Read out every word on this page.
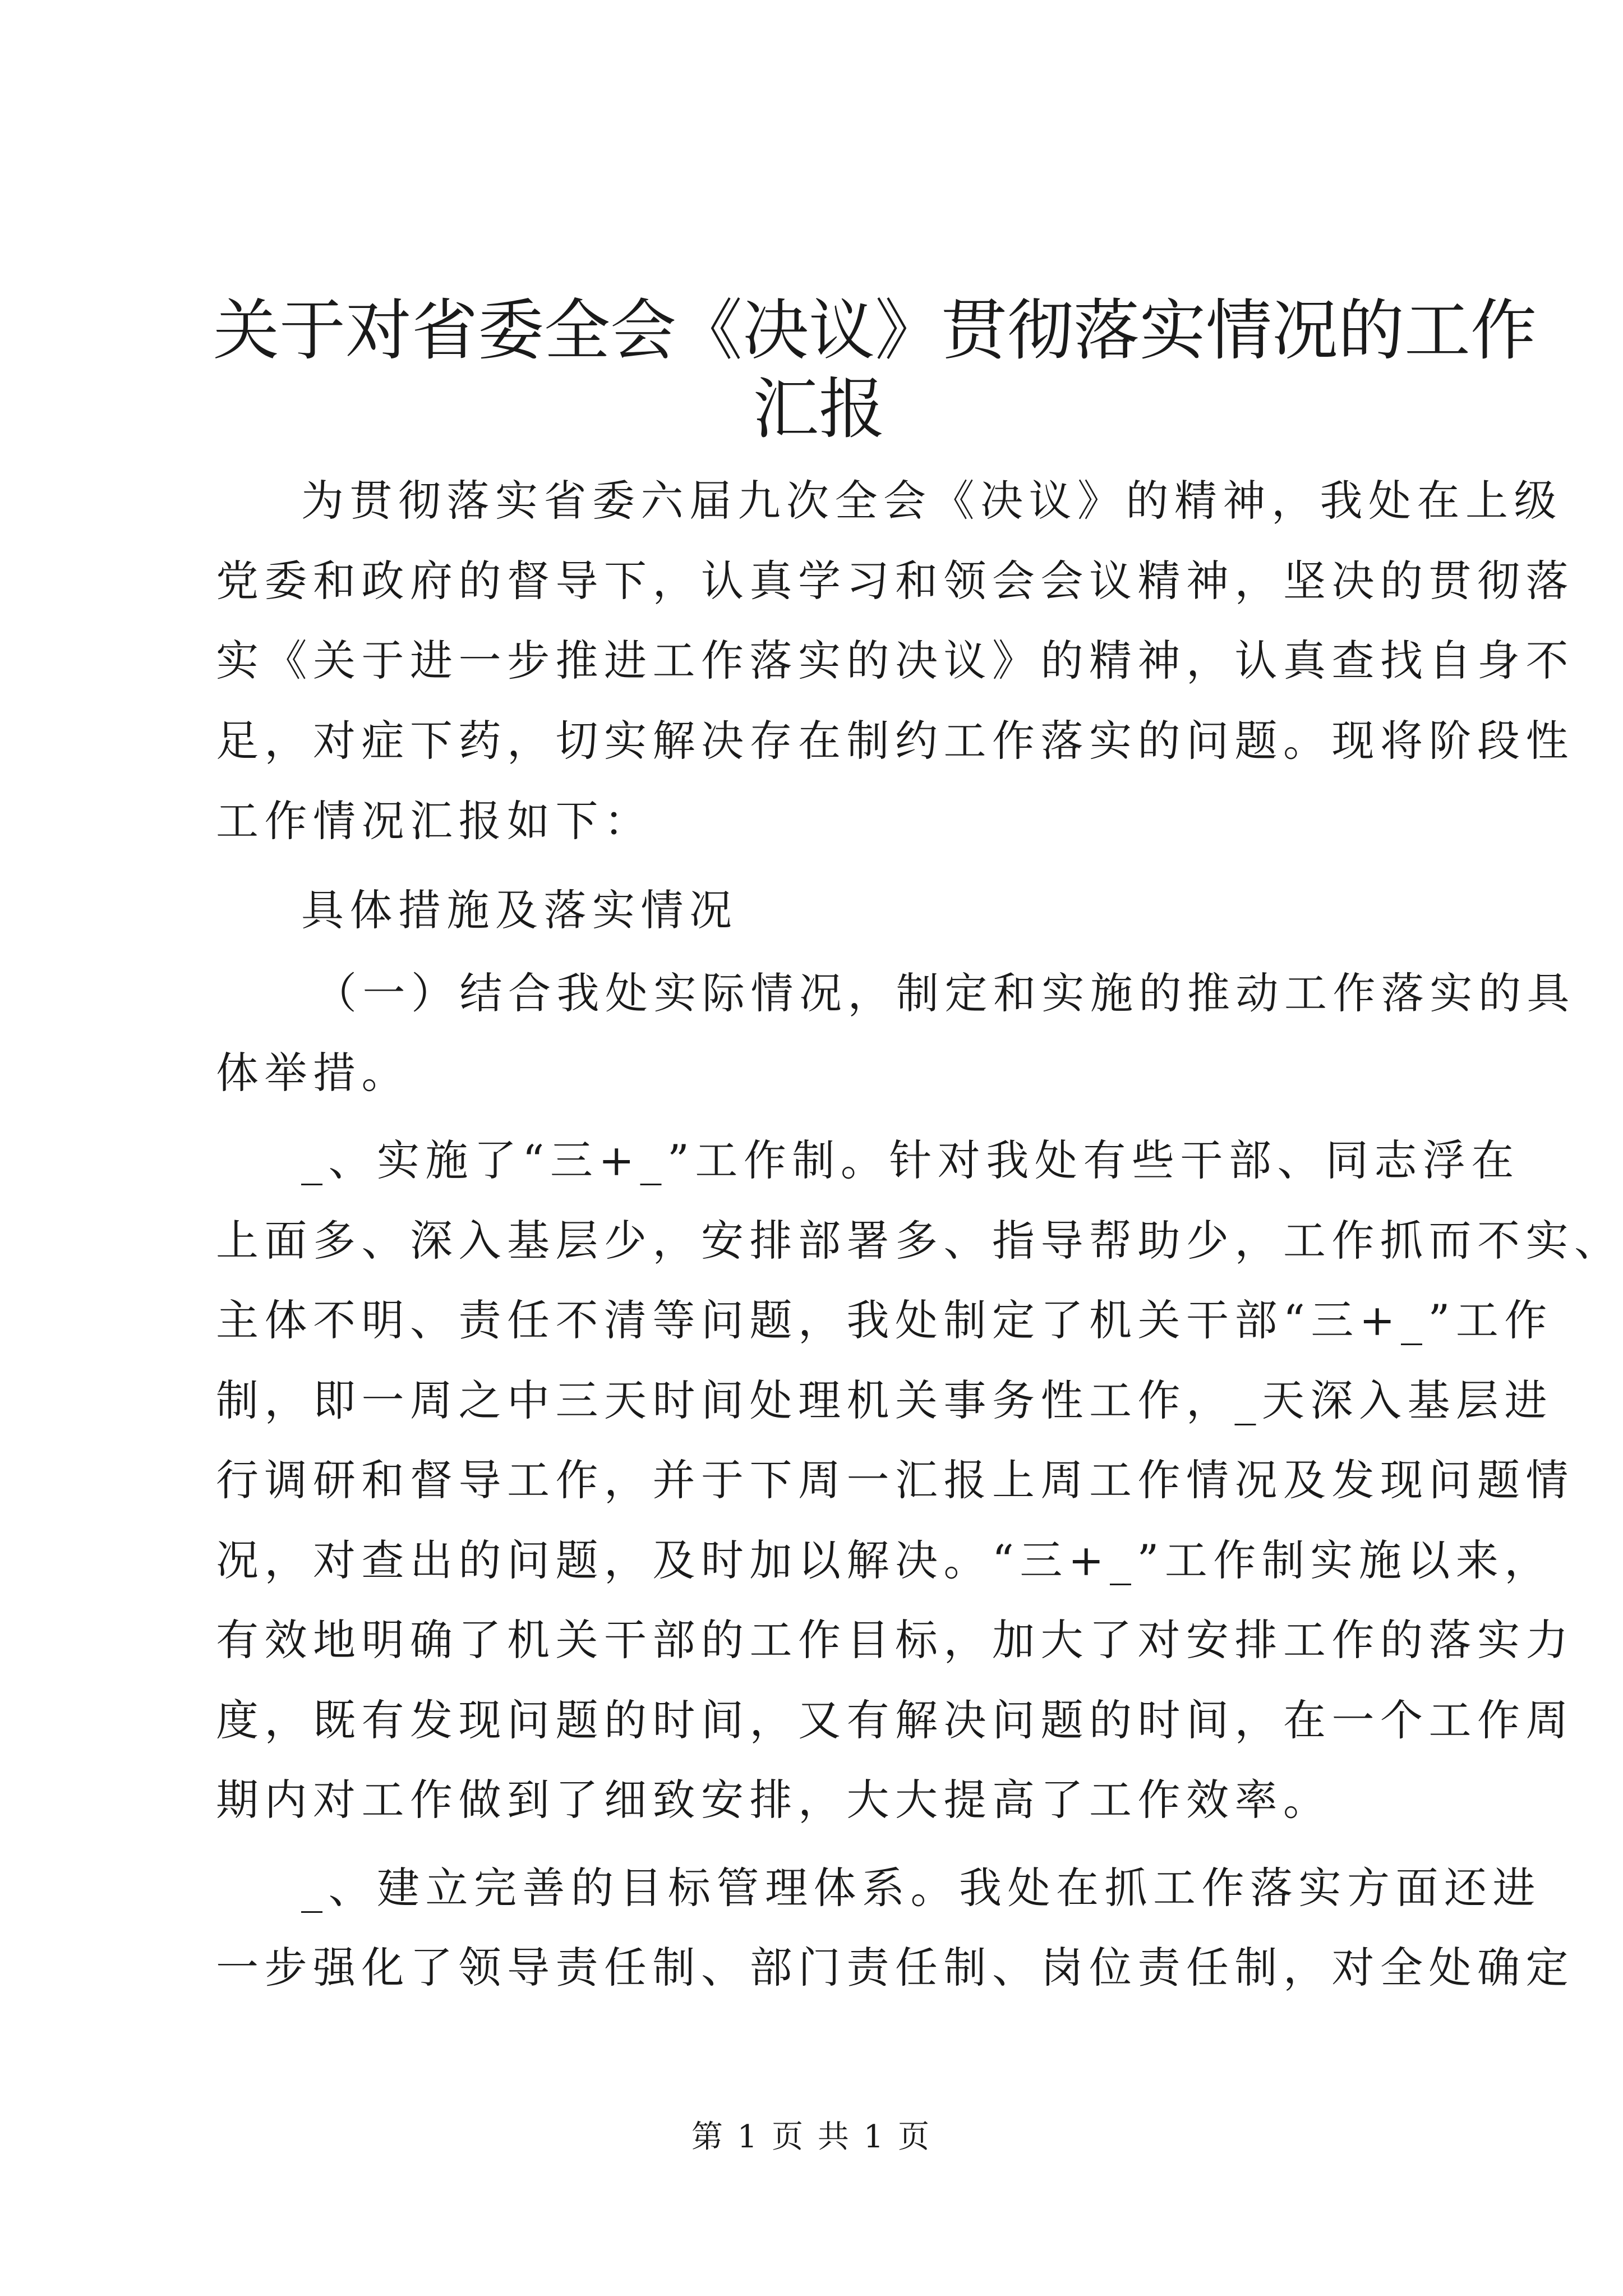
关于对省委全会《决议》贯彻落实情况的工作
汇报

为贯彻落实省委六届九次全会《决议》的精神，我处在上级

党委和政府的督导下，认真学习和领会会议精神，坚决的贯彻落

实《关于进一步推进工作落实的决议》的精神，认真查找自身不

足，对症下药，切实解决存在制约工作落实的问题。现将阶段性

工作情况汇报如下：

具体措施及落实情况

（一）结合我处实际情况，制定和实施的推动工作落实的具

体举措。

_、实施了“三+_”工作制。针对我处有些干部、同志浮在

上面多、深入基层少，安排部署多、指导帮助少，工作抓而不实、

主体不明、责任不清等问题，我处制定了机关干部“三+_”工作

制，即一周之中三天时间处理机关事务性工作，_天深入基层进

行调研和督导工作，并于下周一汇报上周工作情况及发现问题情

况，对查出的问题，及时加以解决。“三+_”工作制实施以来，

有效地明确了机关干部的工作目标，加大了对安排工作的落实力

度，既有发现问题的时间，又有解决问题的时间，在一个工作周

期内对工作做到了细致安排，大大提高了工作效率。

_、建立完善的目标管理体系。我处在抓工作落实方面还进

一步强化了领导责任制、部门责任制、岗位责任制，对全处确定

第 1 页 共 1 页
